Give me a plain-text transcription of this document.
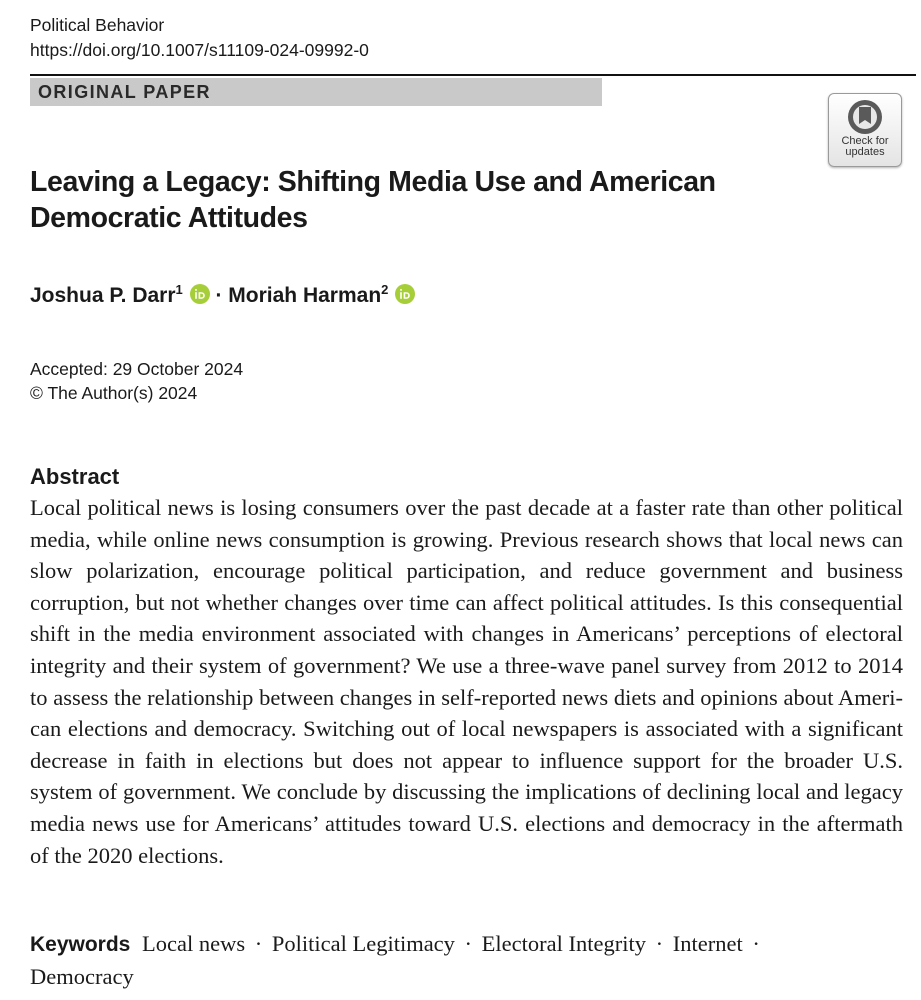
Political Behavior
https://doi.org/10.1007/s11109-024-09992-0
ORIGINAL PAPER
Check for updates
Leaving a Legacy: Shifting Media Use and American Democratic Attitudes
Joshua P. Darr$^1$ · Moriah Harman$^2$
Accepted: 29 October 2024
© The Author(s) 2024
Abstract
Local political news is losing consumers over the past decade at a faster rate than other political media, while online news consumption is growing. Previous research shows that local news can slow polarization, encourage political participation, and reduce government and business corruption, but not whether changes over time can affect political attitudes. Is this consequential shift in the media environment associated with changes in Americans’ perceptions of electoral integrity and their system of government? We use a three-wave panel survey from 2012 to 2014 to assess the relationship between changes in self-reported news diets and opinions about American elections and democracy. Switching out of local newspapers is associated with a significant decrease in faith in elections but does not appear to influence support for the broader U.S. system of government. We conclude by discussing the implications of declining local and legacy media news use for Americans’ attitudes toward U.S. elections and democracy in the aftermath of the 2020 elections.
Keywords Local news · Political Legitimacy · Electoral Integrity · Internet ·
Democracy
